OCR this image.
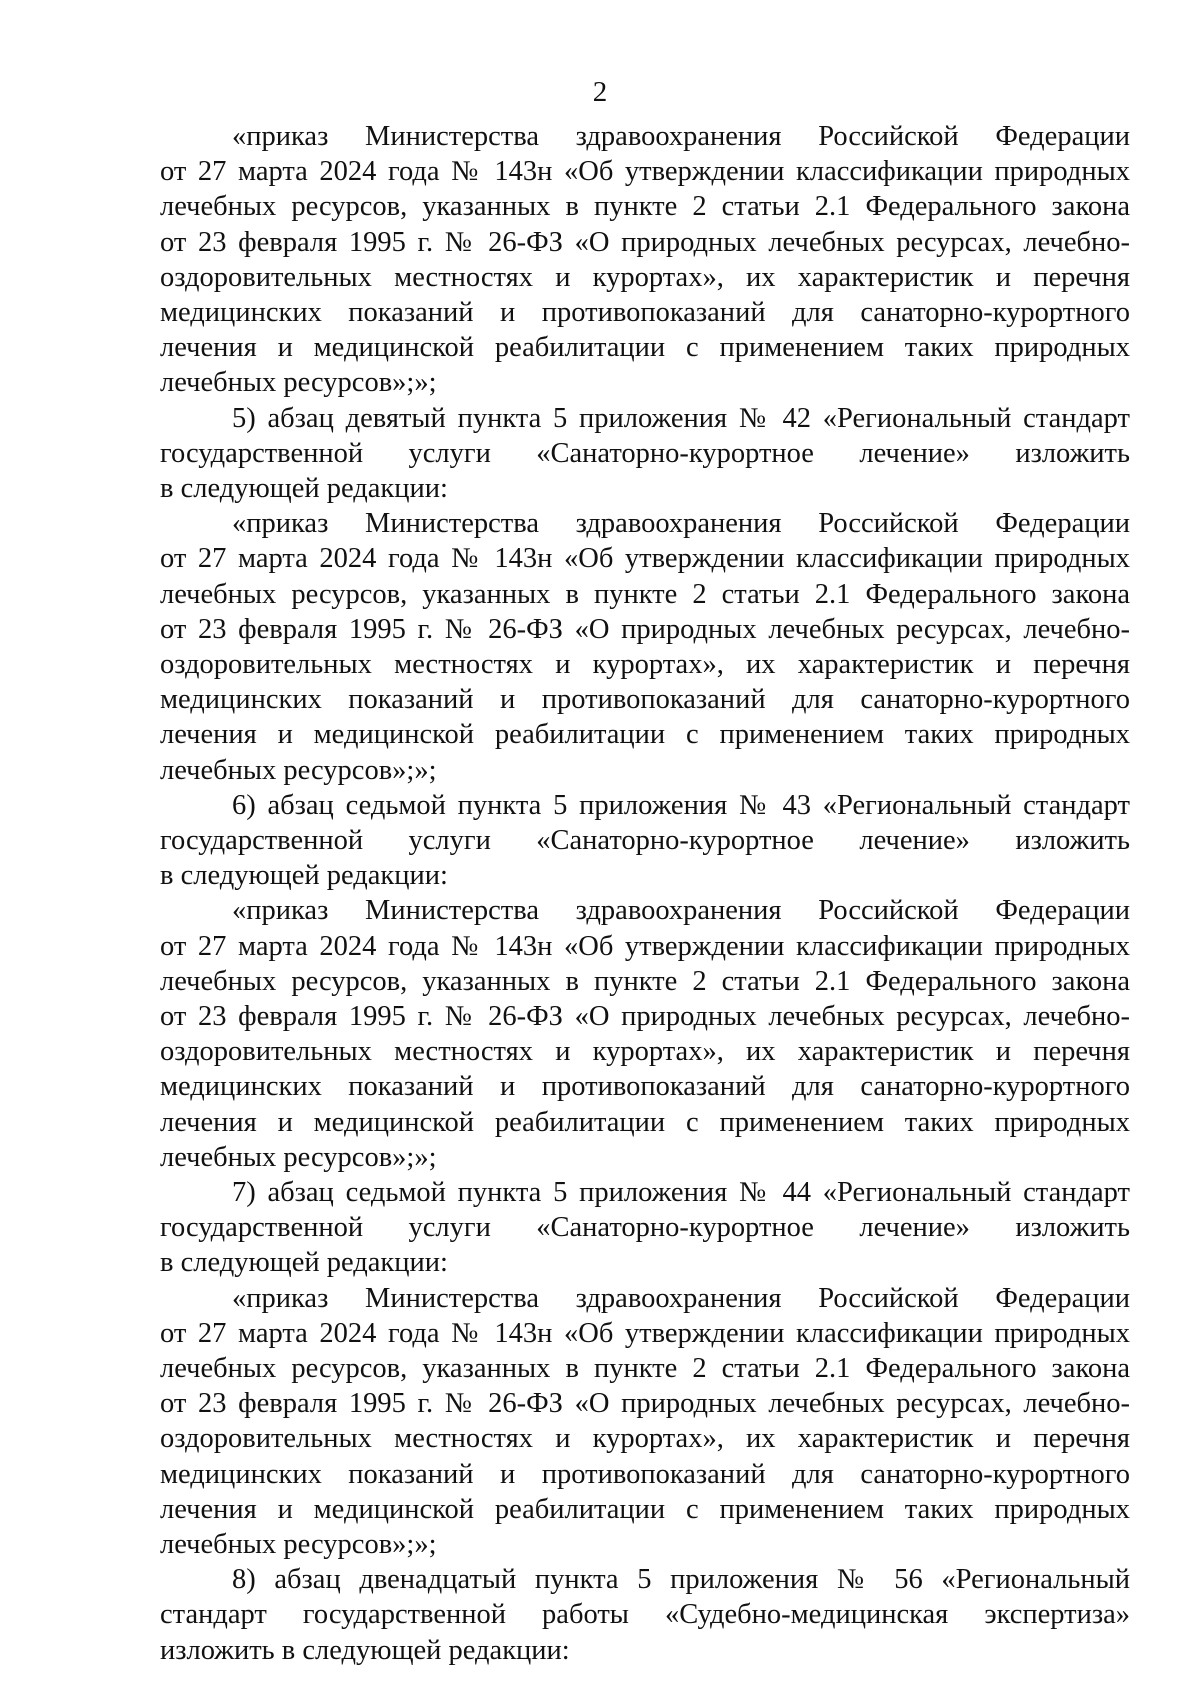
2
«приказ Министерства здравоохранения Российской Федерации
от 27 марта 2024 года № 143н «Об утверждении классификации природных
лечебных ресурсов, указанных в пункте 2 статьи 2.1 Федерального закона
от 23 февраля 1995 г. № 26-ФЗ «О природных лечебных ресурсах, лечебно-
оздоровительных местностях и курортах», их характеристик и перечня
медицинских показаний и противопоказаний для санаторно-курортного
лечения и медицинской реабилитации с применением таких природных
лечебных ресурсов»;»;
5) абзац девятый пункта 5 приложения № 42 «Региональный стандарт
государственной услуги «Санаторно-курортное лечение» изложить
в следующей редакции:
«приказ Министерства здравоохранения Российской Федерации
от 27 марта 2024 года № 143н «Об утверждении классификации природных
лечебных ресурсов, указанных в пункте 2 статьи 2.1 Федерального закона
от 23 февраля 1995 г. № 26-ФЗ «О природных лечебных ресурсах, лечебно-
оздоровительных местностях и курортах», их характеристик и перечня
медицинских показаний и противопоказаний для санаторно-курортного
лечения и медицинской реабилитации с применением таких природных
лечебных ресурсов»;»;
6) абзац седьмой пункта 5 приложения № 43 «Региональный стандарт
государственной услуги «Санаторно-курортное лечение» изложить
в следующей редакции:
«приказ Министерства здравоохранения Российской Федерации
от 27 марта 2024 года № 143н «Об утверждении классификации природных
лечебных ресурсов, указанных в пункте 2 статьи 2.1 Федерального закона
от 23 февраля 1995 г. № 26-ФЗ «О природных лечебных ресурсах, лечебно-
оздоровительных местностях и курортах», их характеристик и перечня
медицинских показаний и противопоказаний для санаторно-курортного
лечения и медицинской реабилитации с применением таких природных
лечебных ресурсов»;»;
7) абзац седьмой пункта 5 приложения № 44 «Региональный стандарт
государственной услуги «Санаторно-курортное лечение» изложить
в следующей редакции:
«приказ Министерства здравоохранения Российской Федерации
от 27 марта 2024 года № 143н «Об утверждении классификации природных
лечебных ресурсов, указанных в пункте 2 статьи 2.1 Федерального закона
от 23 февраля 1995 г. № 26-ФЗ «О природных лечебных ресурсах, лечебно-
оздоровительных местностях и курортах», их характеристик и перечня
медицинских показаний и противопоказаний для санаторно-курортного
лечения и медицинской реабилитации с применением таких природных
лечебных ресурсов»;»;
8) абзац двенадцатый пункта 5 приложения № 56 «Региональный
стандарт государственной работы «Судебно-медицинская экспертиза»
изложить в следующей редакции:
